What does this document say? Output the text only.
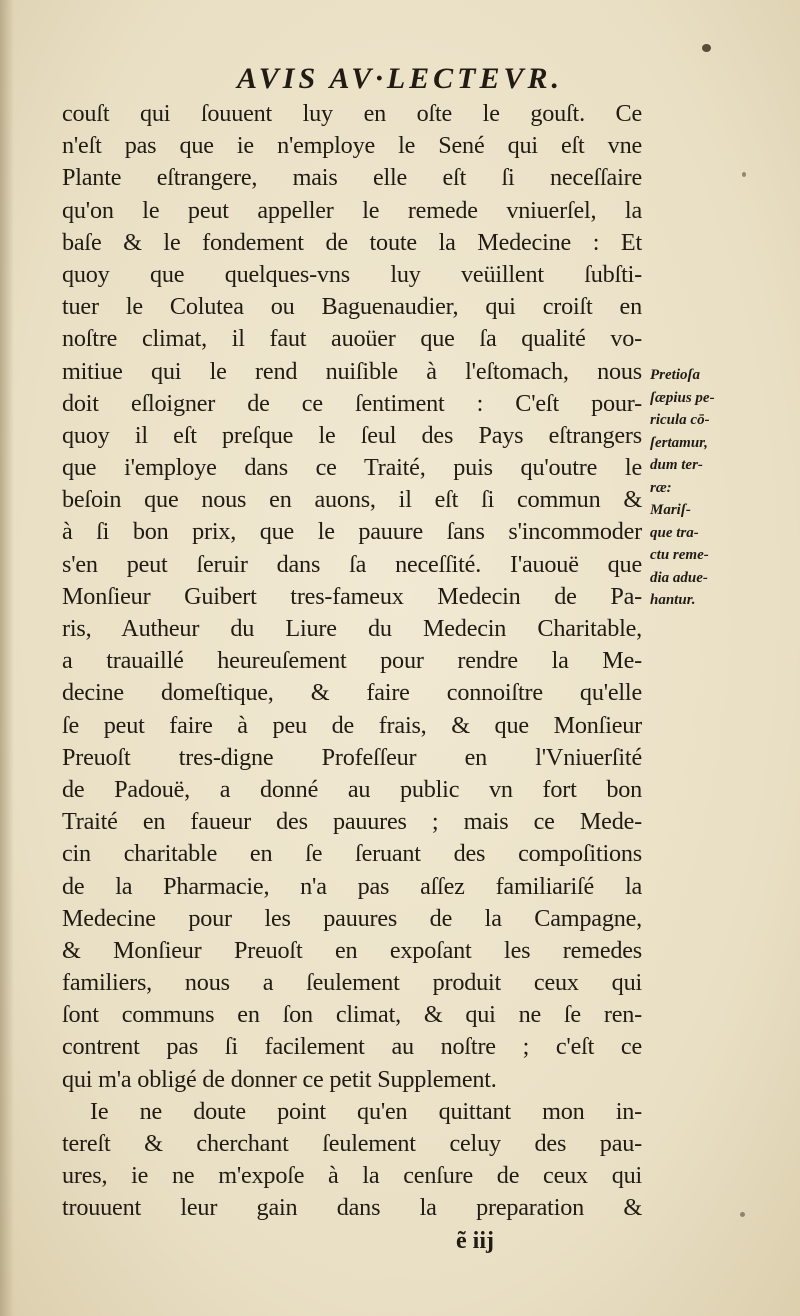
AVIS AV·LECTEVR.
couſt qui ſouuent luy en oſte le gouſt. Ce
n'eſt pas que ie n'employe le Sené qui eſt vne
Plante eſtrangere, mais elle eſt ſi neceſſaire
qu'on le peut appeller le remede vniuerſel, la
baſe & le fondement de toute la Medecine : Et
quoy que quelques-vns luy veüillent ſubſti-
tuer le Colutea ou Baguenaudier, qui croiſt en
noſtre climat, il faut auoüer que ſa qualité vo-
mitiue qui le rend nuiſible à l'eſtomach, nous
doit eſloigner de ce ſentiment : C'eſt pour-
quoy il eſt preſque le ſeul des Pays eſtrangers
que i'employe dans ce Traité, puis qu'outre le
beſoin que nous en auons, il eſt ſi commun &
à ſi bon prix, que le pauure ſans s'incommoder
s'en peut ſeruir dans ſa neceſſité. I'auouë que
Monſieur Guibert tres-fameux Medecin de Pa-
ris, Autheur du Liure du Medecin Charitable,
a trauaillé heureuſement pour rendre la Me-
decine domeſtique, & faire connoiſtre qu'elle
ſe peut faire à peu de frais, & que Monſieur
Preuoſt tres-digne Profeſſeur en l'Vniuerſité
de Padouë, a donné au public vn fort bon
Traité en faueur des pauures ; mais ce Mede-
cin charitable en ſe ſeruant des compoſitions
de la Pharmacie, n'a pas aſſez familiariſé la
Medecine pour les pauures de la Campagne,
& Monſieur Preuoſt en expoſant les remedes
familiers, nous a ſeulement produit ceux qui
ſont communs en ſon climat, & qui ne ſe ren-
contrent pas ſi facilement au noſtre ; c'eſt ce
qui m'a obligé de donner ce petit Supplement.
Ie ne doute point qu'en quittant mon in-
tereſt & cherchant ſeulement celuy des pau-
ures, ie ne m'expoſe à la cenſure de ceux qui
trouuent leur gain dans la preparation &
Pretioſa
ſæpius pe-
ricula cō-
ſertamur,
dum ter-
ræ:
Mariſ-
que tra-
ctu reme-
dia adue-
hantur.
ẽ iij
